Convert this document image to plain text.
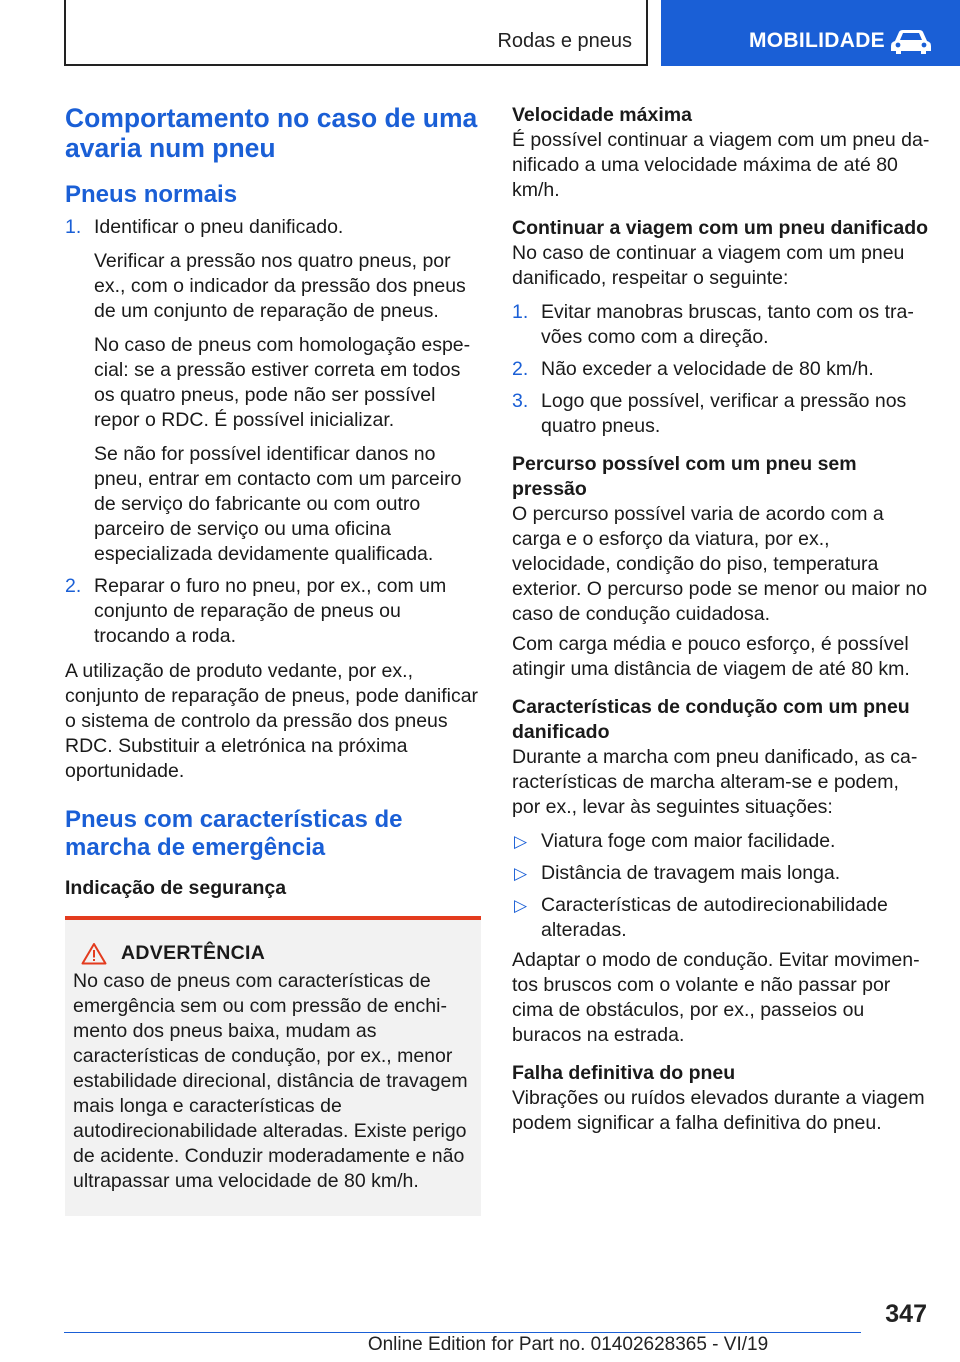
Rodas e pneus	MOBILIDADE
Comportamento no caso de uma avaria num pneu
Pneus normais
1. Identificar o pneu danificado.

Verificar a pressão nos quatro pneus, por ex., com o indicador da pressão dos pneus de um conjunto de reparação de pneus.

No caso de pneus com homologação especial: se a pressão estiver correta em todos os quatro pneus, pode não ser possível repor o RDC. É possível inicializar.

Se não for possível identificar danos no pneu, entrar em contacto com um parceiro de serviço do fabricante ou com outro parceiro de serviço ou uma oficina especializada devidamente qualificada.

2. Reparar o furo no pneu, por ex., com um conjunto de reparação de pneus ou trocando a roda.

A utilização de produto vedante, por ex., conjunto de reparação de pneus, pode danificar o sistema de controlo da pressão dos pneus RDC. Substituir a eletrónica na próxima oportunidade.

Pneus com características de marcha de emergência
Indicação de segurança
ADVERTÊNCIA

No caso de pneus com características de emergência sem ou com pressão de enchimento dos pneus baixa, mudam as características de condução, por ex., menor estabilidade direcional, distância de travagem mais longa e características de autodirecionabilidade alteradas. Existe perigo de acidente. Conduzir moderadamente e não ultrapassar uma velocidade de 80 km/h.

Velocidade máxima

É possível continuar a viagem com um pneu danificado a uma velocidade máxima de até 80 km/h.

Continuar a viagem com um pneu danificado

No caso de continuar a viagem com um pneu danificado, respeitar o seguinte:

1. Evitar manobras bruscas, tanto com os travões como com a direção.

2. Não exceder a velocidade de 80 km/h.

3. Logo que possível, verificar a pressão nos quatro pneus.

Percurso possível com um pneu sem pressão

O percurso possível varia de acordo com a carga e o esforço da viatura, por ex., velocidade, condição do piso, temperatura exterior. O percurso pode se menor ou maior no caso de condução cuidadosa.

Com carga média e pouco esforço, é possível atingir uma distância de viagem de até 80 km.

Características de condução com um pneu danificado

Durante a marcha com pneu danificado, as características de marcha alteram-se e podem, por ex., levar às seguintes situações:

▷ Viatura foge com maior facilidade.

▷ Distância de travagem mais longa.

▷ Características de autodirecionabilidade alteradas.

Adaptar o modo de condução. Evitar movimentos bruscos com o volante e não passar por cima de obstáculos, por ex., passeios ou buracos na estrada.

Falha definitiva do pneu

Vibrações ou ruídos elevados durante a viagem podem significar a falha definitiva do pneu.

347
Online Edition for Part no. 01402628365 - VI/19
